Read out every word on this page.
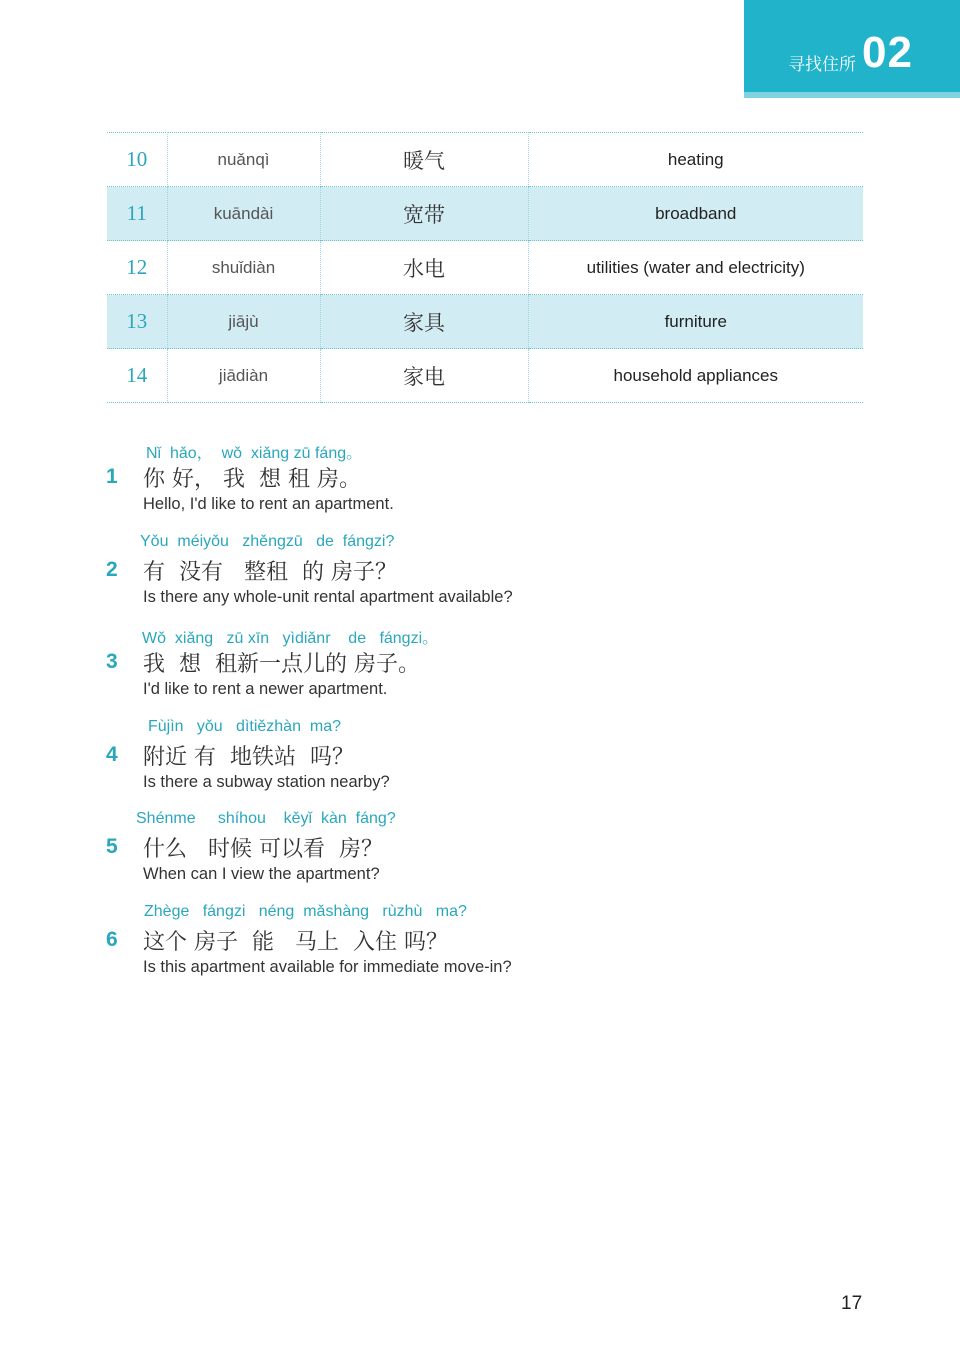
寻找住所 02
10	nuǎnqì	暖气	heating
11	kuāndài	宽带	broadband
12	shuǐdiàn	水电	utilities (water and electricity)
13	jiājù	家具	furniture
14	jiādiàn	家电	household appliances
Nǐ  hǎo，  wǒ  xiǎng zū fáng。
1 你 好， 我  想 租 房。
Hello, I'd like to rent an apartment.
Yǒu  méiyǒu   zhěngzū   de  fángzi?
2 有  没有   整租  的 房子？
Is there any whole-unit rental apartment available?
Wǒ  xiǎng   zū xīn   yìdiǎnr    de   fángzi。
3 我  想  租新一点儿的 房子。
I'd like to rent a newer apartment.
Fùjìn   yǒu   dìtiězhàn  ma?
4 附近 有  地铁站  吗？
Is there a subway station nearby?
Shénme     shíhou    kěyǐ  kàn  fáng?
5 什么   时候 可以看  房？
When can I view the apartment?
Zhège   fángzi   néng  mǎshàng   rùzhù   ma?
6 这个 房子  能   马上  入住 吗？
Is this apartment available for immediate move-in?
17
